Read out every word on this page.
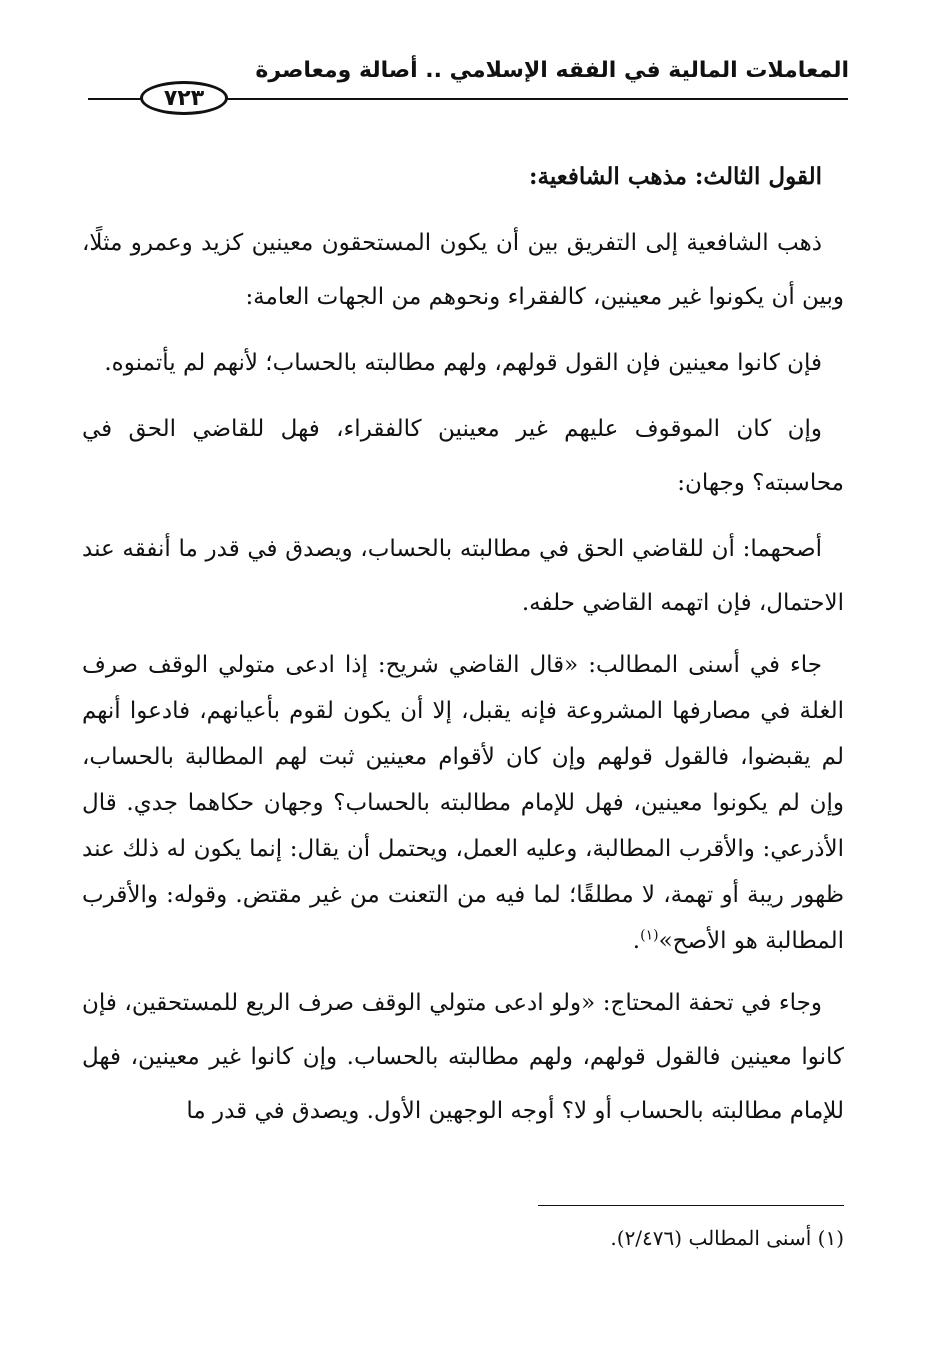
المعاملات المالية في الفقه الإسلامي .. أصالة ومعاصرة
٧٢٣

القول الثالث: مذهب الشافعية:

ذهب الشافعية إلى التفريق بين أن يكون المستحقون معينين كزيد وعمرو مثلًا، وبين أن يكونوا غير معينين، كالفقراء ونحوهم من الجهات العامة:

فإن كانوا معينين فإن القول قولهم، ولهم مطالبته بالحساب؛ لأنهم لم يأتمنوه.

وإن كان الموقوف عليهم غير معينين كالفقراء، فهل للقاضي الحق في محاسبته؟ وجهان:

أصحهما: أن للقاضي الحق في مطالبته بالحساب، ويصدق في قدر ما أنفقه عند الاحتمال، فإن اتهمه القاضي حلفه.

جاء في أسنى المطالب: «قال القاضي شريح: إذا ادعى متولي الوقف صرف الغلة في مصارفها المشروعة فإنه يقبل، إلا أن يكون لقوم بأعيانهم، فادعوا أنهم لم يقبضوا، فالقول قولهم وإن كان لأقوام معينين ثبت لهم المطالبة بالحساب، وإن لم يكونوا معينين، فهل للإمام مطالبته بالحساب؟ وجهان حكاهما جدي. قال الأذرعي: والأقرب المطالبة، وعليه العمل، ويحتمل أن يقال: إنما يكون له ذلك عند ظهور ريبة أو تهمة، لا مطلقًا؛ لما فيه من التعنت من غير مقتض. وقوله: والأقرب المطالبة هو الأصح»$^{(١)}$.

وجاء في تحفة المحتاج: «ولو ادعى متولي الوقف صرف الريع للمستحقين، فإن كانوا معينين فالقول قولهم، ولهم مطالبته بالحساب. وإن كانوا غير معينين، فهل للإمام مطالبته بالحساب أو لا؟ أوجه الوجهين الأول. ويصدق في قدر ما

(١) أسنى المطالب (٢/٤٧٦).
